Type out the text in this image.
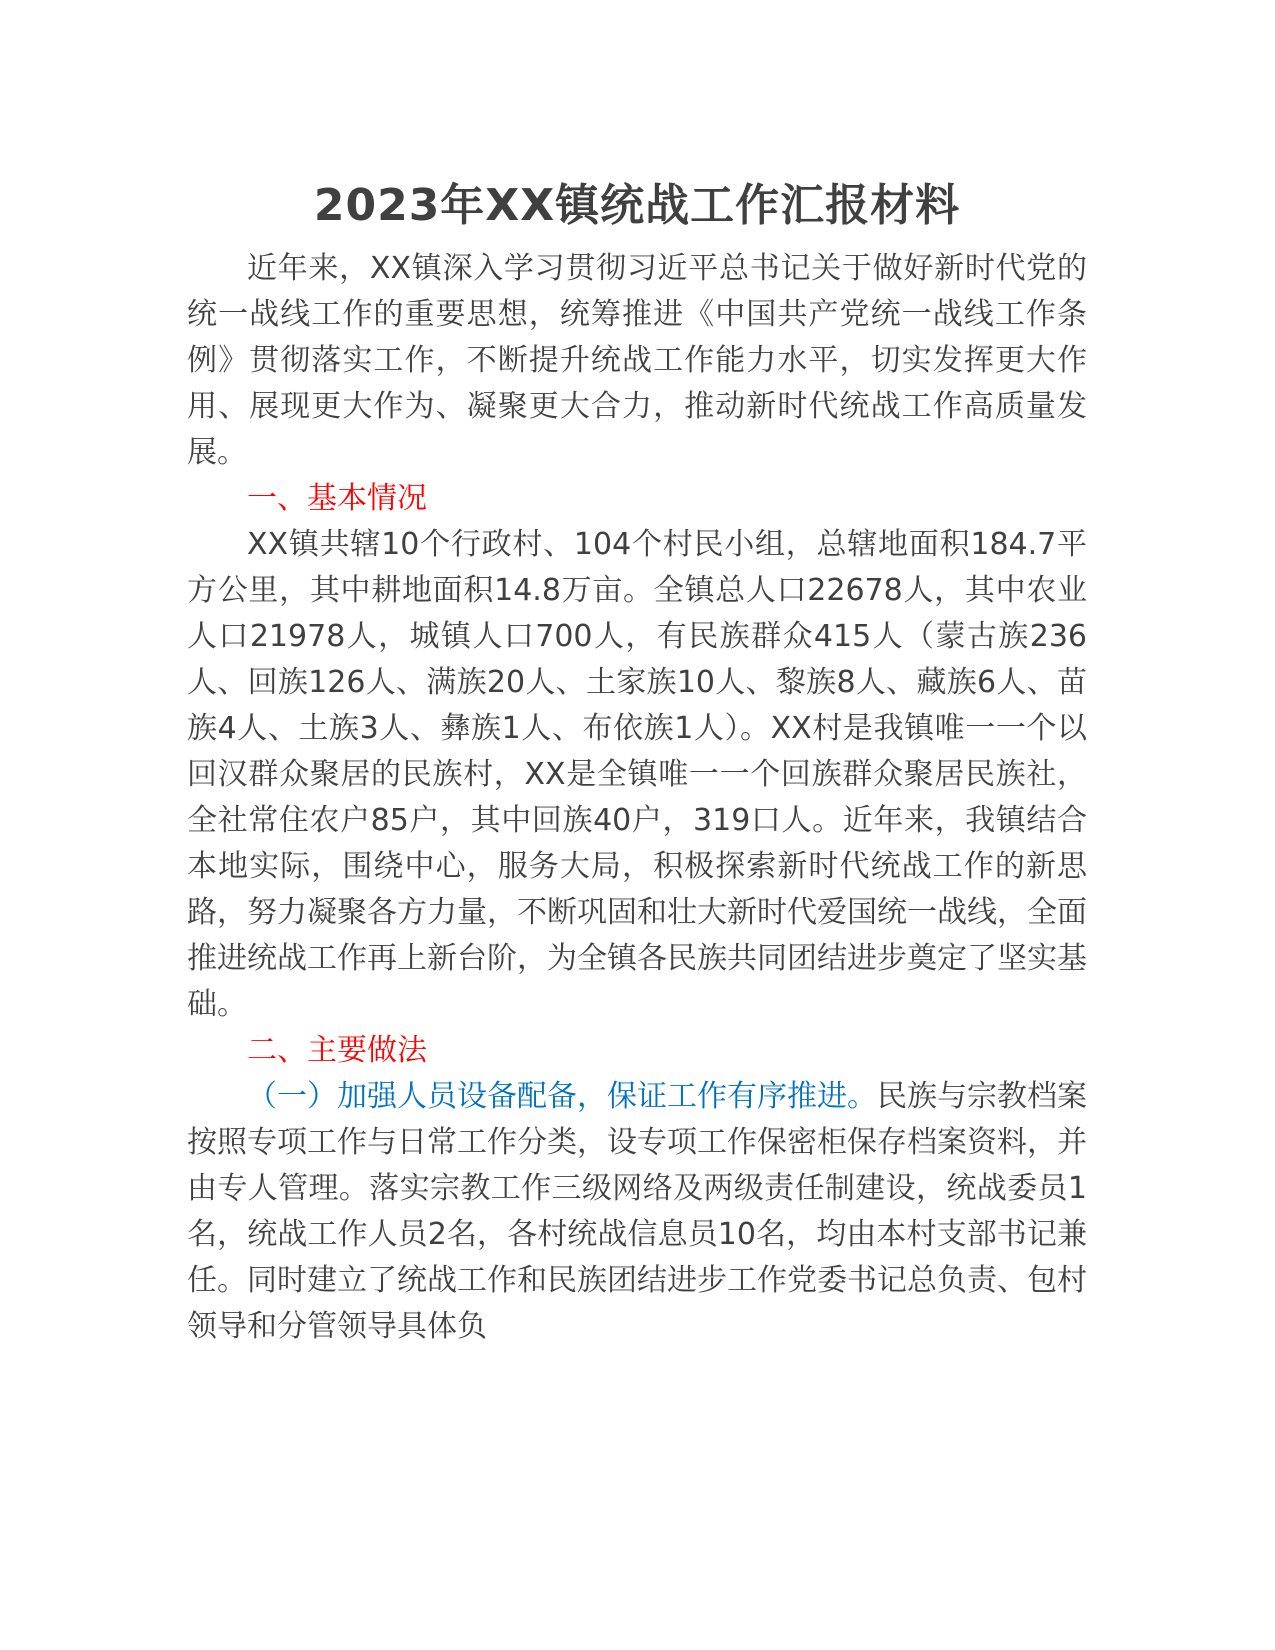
2023年XX镇统战工作汇报材料

近年来，XX镇深入学习贯彻习近平总书记关于做好新时代党的统一战线工作的重要思想，统筹推进《中国共产党统一战线工作条例》贯彻落实工作，不断提升统战工作能力水平，切实发挥更大作用、展现更大作为、凝聚更大合力，推动新时代统战工作高质量发展。

一、基本情况

XX镇共辖10个行政村、104个村民小组，总辖地面积184.7平方公里，其中耕地面积14.8万亩。全镇总人口22678人，其中农业人口21978人，城镇人口700人，有民族群众415人（蒙古族236人、回族126人、满族20人、土家族10人、黎族8人、藏族6人、苗族4人、土族3人、彝族1人、布依族1人）。XX村是我镇唯一一个以回汉群众聚居的民族村，XX是全镇唯一一个回族群众聚居民族社，全社常住农户85户，其中回族40户，319口人。近年来，我镇结合本地实际，围绕中心，服务大局，积极探索新时代统战工作的新思路，努力凝聚各方力量，不断巩固和壮大新时代爱国统一战线，全面推进统战工作再上新台阶，为全镇各民族共同团结进步奠定了坚实基础。

二、主要做法

（一）加强人员设备配备，保证工作有序推进。民族与宗教档案按照专项工作与日常工作分类，设专项工作保密柜保存档案资料，并由专人管理。落实宗教工作三级网络及两级责任制建设，统战委员1名，统战工作人员2名，各村统战信息员10名，均由本村支部书记兼任。同时建立了统战工作和民族团结进步工作党委书记总负责、包村领导和分管领导具体负
